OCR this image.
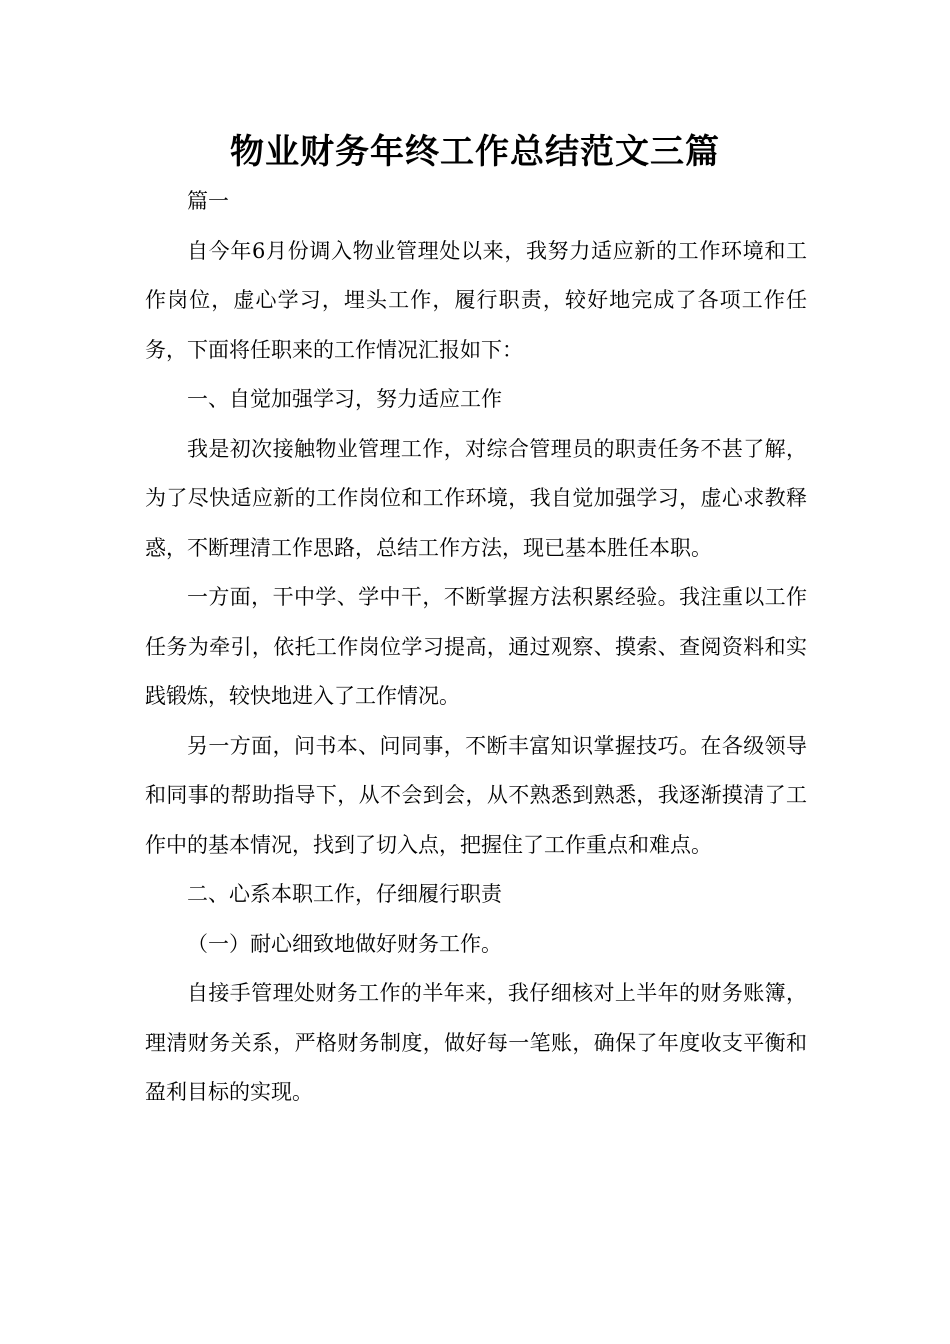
物业财务年终工作总结范文三篇

篇一

自今年6月份调入物业管理处以来，我努力适应新的工作环境和工作岗位，虚心学习，埋头工作，履行职责，较好地完成了各项工作任务，下面将任职来的工作情况汇报如下：

一、自觉加强学习，努力适应工作

我是初次接触物业管理工作，对综合管理员的职责任务不甚了解，为了尽快适应新的工作岗位和工作环境，我自觉加强学习，虚心求教释惑，不断理清工作思路，总结工作方法，现已基本胜任本职。

一方面，干中学、学中干，不断掌握方法积累经验。我注重以工作任务为牵引，依托工作岗位学习提高，通过观察、摸索、查阅资料和实践锻炼，较快地进入了工作情况。

另一方面，问书本、问同事，不断丰富知识掌握技巧。在各级领导和同事的帮助指导下，从不会到会，从不熟悉到熟悉，我逐渐摸清了工作中的基本情况，找到了切入点，把握住了工作重点和难点。

二、心系本职工作，仔细履行职责

（一）耐心细致地做好财务工作。

自接手管理处财务工作的半年来，我仔细核对上半年的财务账簿，理清财务关系，严格财务制度，做好每一笔账，确保了年度收支平衡和盈利目标的实现。
